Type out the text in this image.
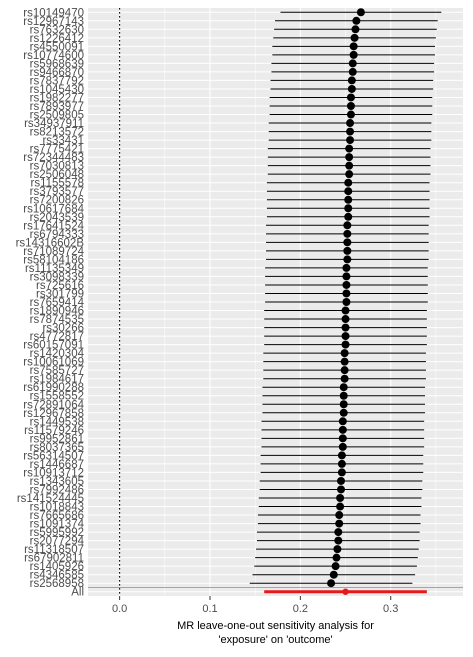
rs10149470
rs12967143
rs7632630
rs1226412
rs4550091
rs10774600
rs5968639
rs9466870
rs7837792
rs1045430
rs1982277
rs7893977
rs2509805
rs34937911
rs8213572
rs33431
rs7775421
rs72344483
rs7030813
rs2506048
rs1155578
rs3793577
rs7200826
rs10617684
rs2043539
rs17641524
rs6794333
rs14316602B
rs71089724
rs58104186
rs11135349
rs3098339
rs725616
rs301799
rs7659414
rs1890946
rs7874535
rs30266
rs4772817
rs60157091
rs1420304
rs10061069
rs7585727
rs1984617
rs61990288
rs1558552
rs72891064
rs12967858
rs1449538
rs11579246
rs9952861
rs8037365
rs56314507
rs1446687
rs10913712
rs1343605
rs7992486
rs141524445
rs1018843
rs7665686
rs1091374
rs5995992
rs2077294
rs11318507
rs67902811
rs1405926
rs4346585
rs2568958
All
0.0	0.1	0.2	0.3
MR leave-one-out sensitivity analysis for
'exposure' on 'outcome'
